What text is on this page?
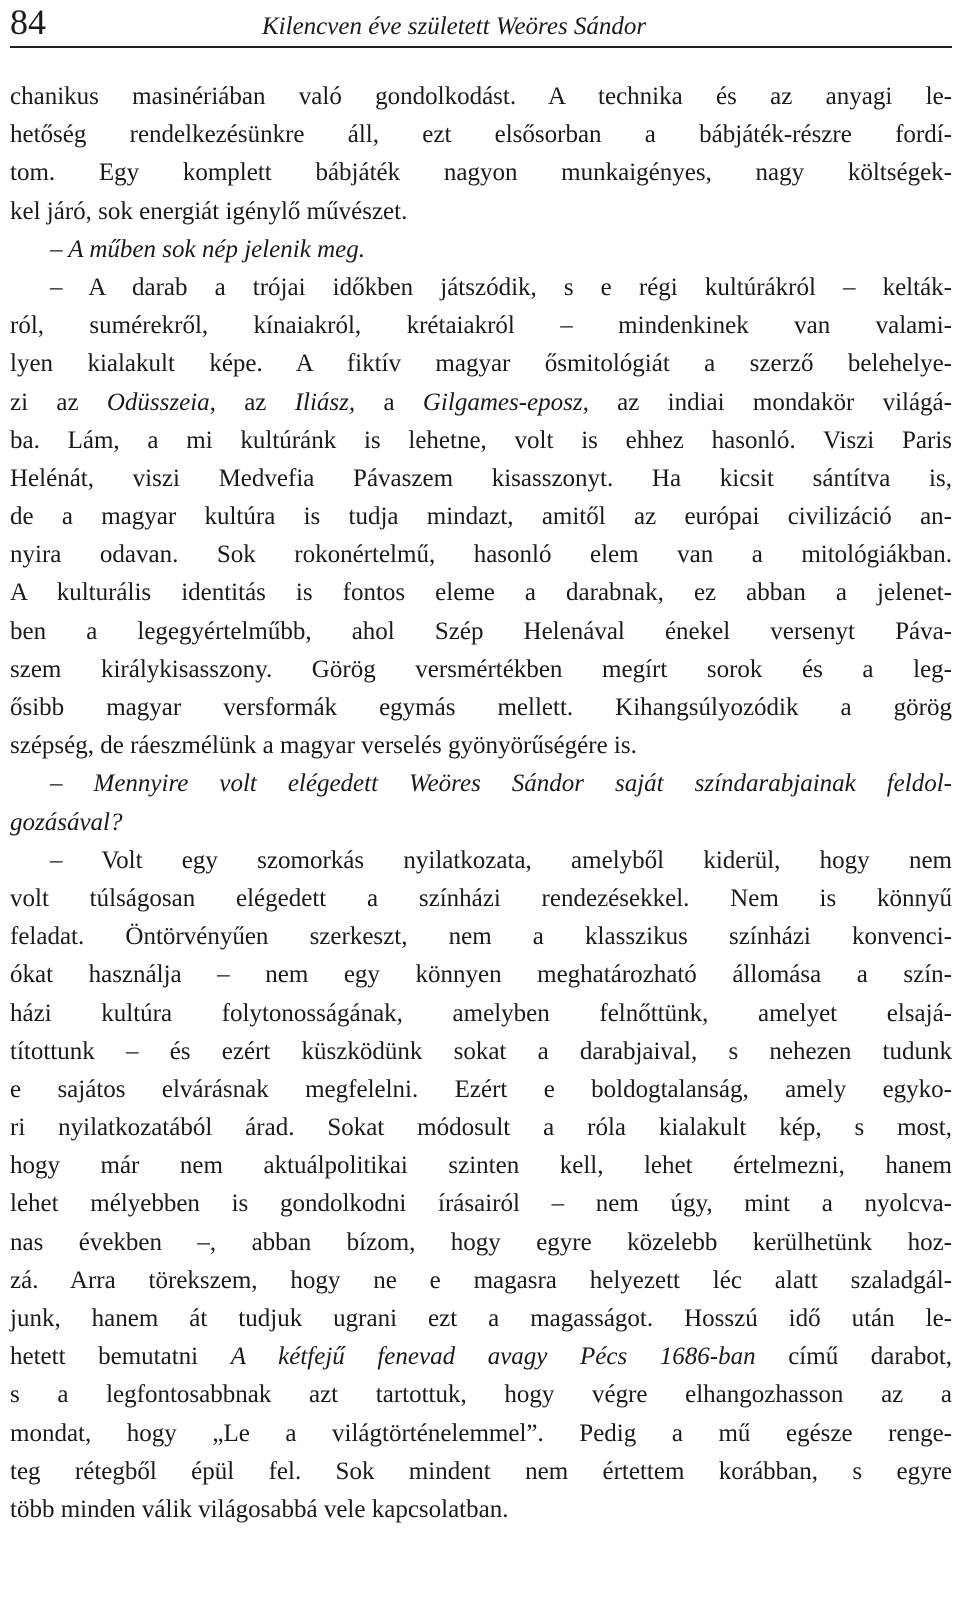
84	Kilencven éve született Weöres Sándor
chanikus masinériában való gondolkodást. A technika és az anyagi le-
hetőség rendelkezésünkre áll, ezt elsősorban a bábjáték-részre fordí-
tom. Egy komplett bábjáték nagyon munkaigényes, nagy költségek-
kel járó, sok energiát igénylő művészet.
– A műben sok nép jelenik meg.
– A darab a trójai időkben játszódik, s e régi kultúrákról – kelták-
ról, sumérekről, kínaiakról, krétaiakról – mindenkinek van valami-
lyen kialakult képe. A fiktív magyar ősmitológiát a szerző belehelye-
zi az Odüsszeia, az Iliász, a Gilgames-eposz, az indiai mondakör világá-
ba. Lám, a mi kultúránk is lehetne, volt is ehhez hasonló. Viszi Paris
Helénát, viszi Medvefia Pávaszem kisasszonyt. Ha kicsit sántítva is,
de a magyar kultúra is tudja mindazt, amitől az európai civilizáció an-
nyira odavan. Sok rokonértelmű, hasonló elem van a mitológiákban.
A kulturális identitás is fontos eleme a darabnak, ez abban a jelenet-
ben a legegyértelműbb, ahol Szép Helenával énekel versenyt Páva-
szem királykisasszony. Görög versmértékben megírt sorok és a leg-
ősibb magyar versformák egymás mellett. Kihangsúlyozódik a görög
szépség, de ráeszmélünk a magyar verselés gyönyörűségére is.
– Mennyire volt elégedett Weöres Sándor saját színdarabjainak feldol-
gozásával?
– Volt egy szomorkás nyilatkozata, amelyből kiderül, hogy nem
volt túlságosan elégedett a színházi rendezésekkel. Nem is könnyű
feladat. Öntörvényűen szerkeszt, nem a klasszikus színházi konvenci-
ókat használja – nem egy könnyen meghatározható állomása a szín-
házi kultúra folytonosságának, amelyben felnőttünk, amelyet elsajá-
títottunk – és ezért küszködünk sokat a darabjaival, s nehezen tudunk
e sajátos elvárásnak megfelelni. Ezért e boldogtalanság, amely egyko-
ri nyilatkozatából árad. Sokat módosult a róla kialakult kép, s most,
hogy már nem aktuálpolitikai szinten kell, lehet értelmezni, hanem
lehet mélyebben is gondolkodni írásairól – nem úgy, mint a nyolcva-
nas években –, abban bízom, hogy egyre közelebb kerülhetünk hoz-
zá. Arra törekszem, hogy ne e magasra helyezett léc alatt szaladgál-
junk, hanem át tudjuk ugrani ezt a magasságot. Hosszú idő után le-
hetett bemutatni A kétfejű fenevad avagy Pécs 1686-ban című darabot,
s a legfontosabbnak azt tartottuk, hogy végre elhangozhasson az a
mondat, hogy „Le a világtörténelemmel”. Pedig a mű egésze renge-
teg rétegből épül fel. Sok mindent nem értettem korábban, s egyre
több minden válik világosabbá vele kapcsolatban.
